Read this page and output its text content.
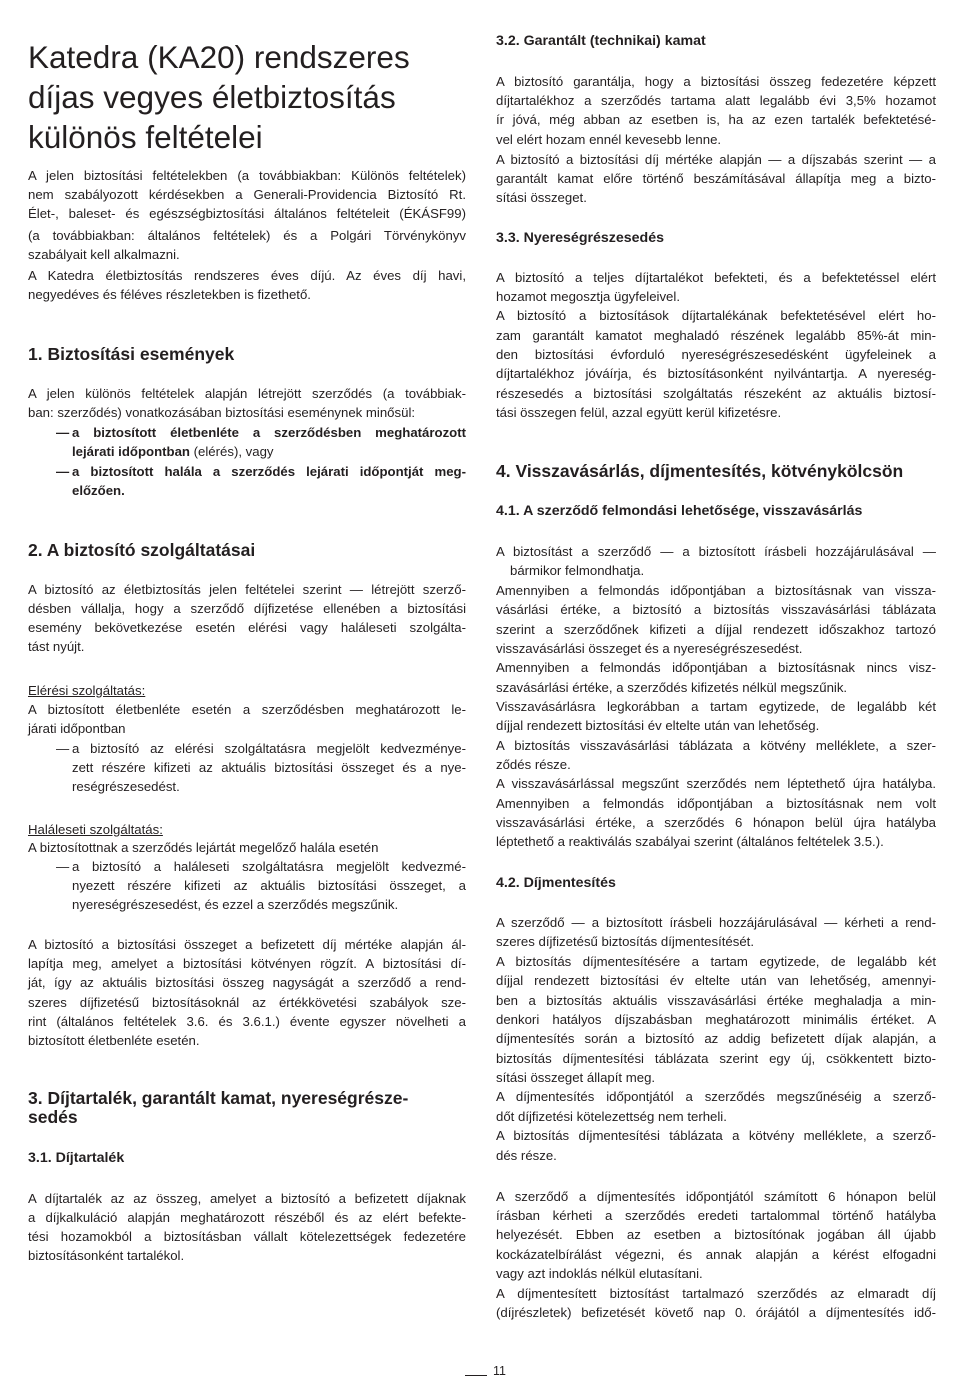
Katedra (KA20) rendszeres
díjas vegyes életbiztosítás
különös feltételei

A jelen biztosítási feltételekben (a továbbiakban: Különös feltételek)

nem szabályozott kérdésekben a Generali-Providencia Biztosító Rt.

Élet-, baleset- és egészségbiztosítási általános feltételeit (ÉKÁSF99)

(a továbbiakban: általános feltételek) és a Polgári Törvénykönyv

szabályait kell alkalmazni.

A Katedra életbiztosítás rendszeres éves díjú. Az éves díj havi,

negyedéves és féléves részletekben is fizethető.

1. Biztosítási események

A jelen különös feltételek alapján létrejött szerződés (a továbbiak-

ban: szerződés) vonatkozásában biztosítási eseménynek minősül:

— a biztosított életbenléte a szerződésben meghatározott

lejárati időpontban (elérés), vagy

— a biztosított halála a szerződés lejárati időpontját meg-

előzően.

2. A biztosító szolgáltatásai

A biztosító az életbiztosítás jelen feltételei szerint — létrejött szerző-

désben vállalja, hogy a szerződő díjfizetése ellenében a biztosítási

esemény bekövetkezése esetén elérési vagy haláleseti szolgálta-

tást nyújt.

Elérési szolgáltatás:

A biztosított életbenléte esetén a szerződésben meghatározott le-

járati időpontban

— a biztosító az elérési szolgáltatásra megjelölt kedvezménye-

zett részére kifizeti az aktuális biztosítási összeget és a nye-

reségrészesedést.

Haláleseti szolgáltatás:

A biztosítottnak a szerződés lejártát megelőző halála esetén

— a biztosító a haláleseti szolgáltatásra megjelölt kedvezmé-

nyezett részére kifizeti az aktuális biztosítási összeget, a

nyereségrészesedést, és ezzel a szerződés megszűnik.

A biztosító a biztosítási összeget a befizetett díj mértéke alapján ál-

lapítja meg, amelyet a biztosítási kötvényen rögzít. A biztosítási dí-

ját, így az aktuális biztosítási összeg nagyságát a szerződő a rend-

szeres díjfizetésű biztosításoknál az értékkövetési szabályok sze-

rint (általános feltételek 3.6. és 3.6.1.) évente egyszer növelheti a

biztosított életbenléte esetén.

3. Díjtartalék, garantált kamat, nyereségrésze-
sedés
3.1. Díjtartalék

A díjtartalék az az összeg, amelyet a biztosító a befizetett díjaknak

a díjkalkuláció alapján meghatározott részéből és az elért befekte-

tési hozamokból a biztosításban vállalt kötelezettségek fedezetére

biztosításonként tartalékol.

3.2. Garantált (technikai) kamat

A biztosító garantálja, hogy a biztosítási összeg fedezetére képzett

díjtartalékhoz a szerződés tartama alatt legalább évi 3,5% hozamot

ír jóvá, még abban az esetben is, ha az ezen tartalék befektetésé-

vel elért hozam ennél kevesebb lenne.

A biztosító a biztosítási díj mértéke alapján — a díjszabás szerint — a

garantált kamat előre történő beszámításával állapítja meg a bizto-

sítási összeget.

3.3. Nyereségrészesedés

A biztosító a teljes díjtartalékot befekteti, és a befektetéssel elért

hozamot megosztja ügyfeleivel.

A biztosító a biztosítások díjtartalékának befektetésével elért ho-

zam garantált kamatot meghaladó részének legalább 85%-át min-

den biztosítási évforduló nyereségrészesedésként ügyfeleinek a

díjtartalékhoz jóváírja, és biztosításonként nyilvántartja. A nyereség-

részesedés a biztosítási szolgáltatás részeként az aktuális biztosí-

tási összegen felül, azzal együtt kerül kifizetésre.

4. Visszavásárlás, díjmentesítés, kötvénykölcsön
4.1. A szerződő felmondási lehetősége, visszavásárlás

A biztosítást a szerződő — a biztosított írásbeli hozzájárulásával —

bármikor felmondhatja.

Amennyiben a felmondás időpontjában a biztosításnak van vissza-

vásárlási értéke, a biztosító a biztosítás visszavásárlási táblázata

szerint a szerződőnek kifizeti a díjjal rendezett időszakhoz tartozó

visszavásárlási összeget és a nyereségrészesedést.

Amennyiben a felmondás időpontjában a biztosításnak nincs visz-

szavásárlási értéke, a szerződés kifizetés nélkül megszűnik.

Visszavásárlásra legkorábban a tartam egytizede, de legalább két

díjjal rendezett biztosítási év eltelte után van lehetőség.

A biztosítás visszavásárlási táblázata a kötvény melléklete, a szer-

ződés része.

A visszavásárlással megszűnt szerződés nem léptethető újra hatályba.

Amennyiben a felmondás időpontjában a biztosításnak nem volt

visszavásárlási értéke, a szerződés 6 hónapon belül újra hatályba

léptethető a reaktiválás szabályai szerint (általános feltételek 3.5.).

4.2. Díjmentesítés

A szerződő — a biztosított írásbeli hozzájárulásával — kérheti a rend-

szeres díjfizetésű biztosítás díjmentesítését.

A biztosítás díjmentesítésére a tartam egytizede, de legalább két

díjjal rendezett biztosítási év eltelte után van lehetőség, amennyi-

ben a biztosítás aktuális visszavásárlási értéke meghaladja a min-

denkori hatályos díjszabásban meghatározott minimális értéket. A

díjmentesítés során a biztosító az addig befizetett díjak alapján, a

biztosítás díjmentesítési táblázata szerint egy új, csökkentett bizto-

sítási összeget állapít meg.

A díjmentesítés időpontjától a szerződés megszűnéséig a szerző-

dőt díjfizetési kötelezettség nem terheli.

A biztosítás díjmentesítési táblázata a kötvény melléklete, a szerző-

dés része.

A szerződő a díjmentesítés időpontjától számított 6 hónapon belül

írásban kérheti a szerződés eredeti tartalommal történő hatályba

helyezését. Ebben az esetben a biztosítónak jogában áll újabb

kockázatelbírálást végezni, és annak alapján a kérést elfogadni

vagy azt indoklás nélkül elutasítani.

A díjmentesített biztosítást tartalmazó szerződés az elmaradt díj

(díjrészletek) befizetését követő nap 0. órájától a díjmentesítés idő-

11
